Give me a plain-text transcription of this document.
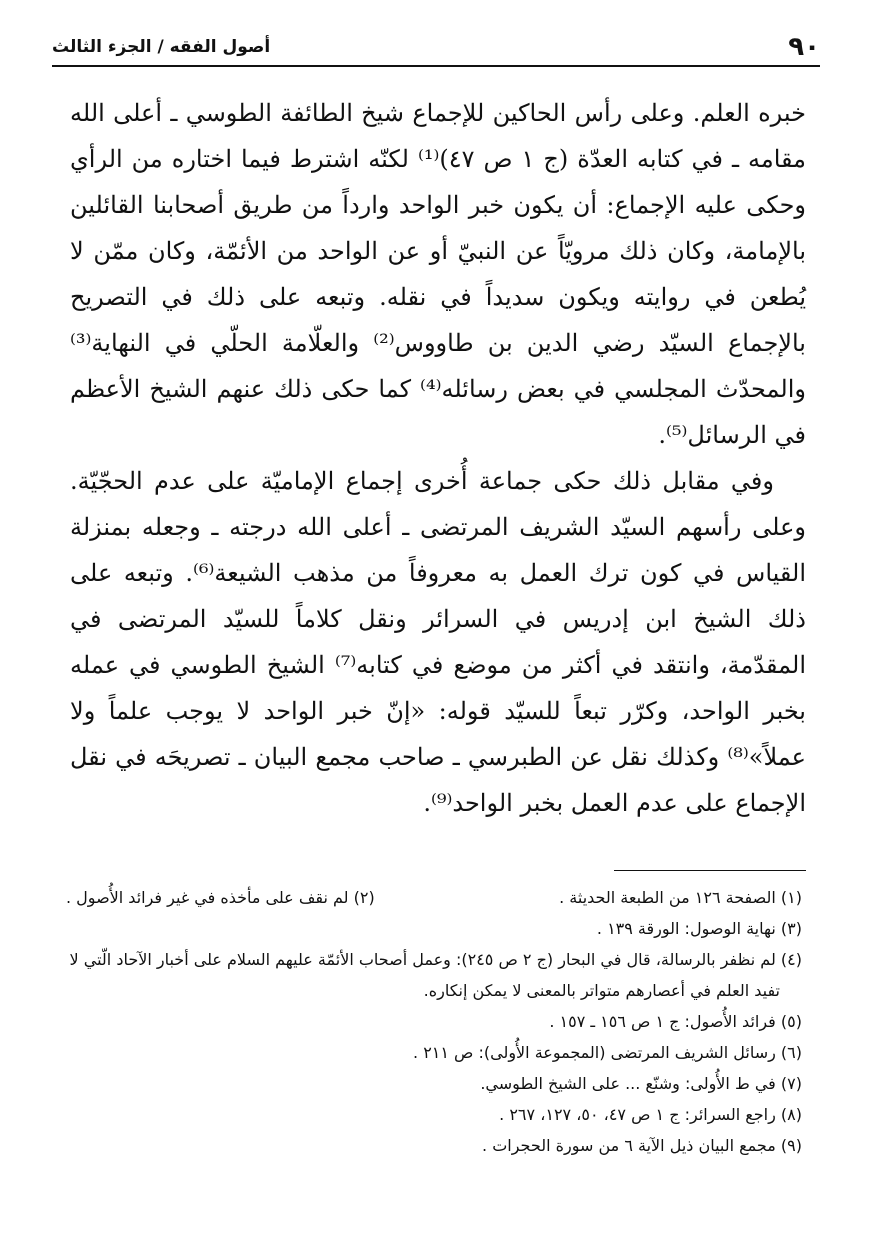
٩٠
أصول الفقه / الجزء الثالث

خبره العلم. وعلى رأس الحاكين للإجماع شيخ الطائفة الطوسي ـ أعلى الله مقامه ـ في كتابه العدّة (ج ١ ص ٤٧)⁽¹⁾ لكنّه اشترط فيما اختاره من الرأي وحكى عليه الإجماع: أن يكون خبر الواحد وارداً من طريق أصحابنا القائلين بالإمامة، وكان ذلك مرويّاً عن النبيّ أو عن الواحد من الأئمّة، وكان ممّن لا يُطعن في روايته ويكون سديداً في نقله. وتبعه على ذلك في التصريح بالإجماع السيّد رضي الدين بن طاووس⁽²⁾ والعلّامة الحلّي في النهاية⁽³⁾ والمحدّث المجلسي في بعض رسائله⁽⁴⁾ كما حكى ذلك عنهم الشيخ الأعظم في الرسائل⁽⁵⁾.

وفي مقابل ذلك حكى جماعة أُخرى إجماع الإماميّة على عدم الحجّيّة. وعلى رأسهم السيّد الشريف المرتضى ـ أعلى الله درجته ـ وجعله بمنزلة القياس في كون ترك العمل به معروفاً من مذهب الشيعة⁽⁶⁾. وتبعه على ذلك الشيخ ابن إدريس في السرائر ونقل كلاماً للسيّد المرتضى في المقدّمة، وانتقد في أكثر من موضع في كتابه⁽⁷⁾ الشيخ الطوسي في عمله بخبر الواحد، وكرّر تبعاً للسيّد قوله: «إنّ خبر الواحد لا يوجب علماً ولا عملاً»⁽⁸⁾ وكذلك نقل عن الطبرسي ـ صاحب مجمع البيان ـ تصريحَه في نقل الإجماع على عدم العمل بخبر الواحد⁽⁹⁾.

(١) الصفحة ١٢٦ من الطبعة الحديثة .
(٢) لم نقف على مأخذه في غير فرائد الأُصول .

(٣) نهاية الوصول: الورقة ١٣٩ .

(٤) لم نظفر بالرسالة، قال في البحار (ج ٢ ص ٢٤٥): وعمل أصحاب الأئمّة عليهم السلام على أخبار الآحاد الّتي لا تفيد العلم في أعصارهم متواتر بالمعنى لا يمكن إنكاره.

(٥) فرائد الأُصول: ج ١ ص ١٥٦ ـ ١٥٧ .

(٦) رسائل الشريف المرتضى (المجموعة الأُولى): ص ٢١١ .

(٧) في ط الأُولى: وشنّع ... على الشيخ الطوسي.

(٨) راجع السرائر: ج ١ ص ٤٧، ٥٠، ١٢٧، ٢٦٧ .

(٩) مجمع البيان ذيل الآية ٦ من سورة الحجرات .
